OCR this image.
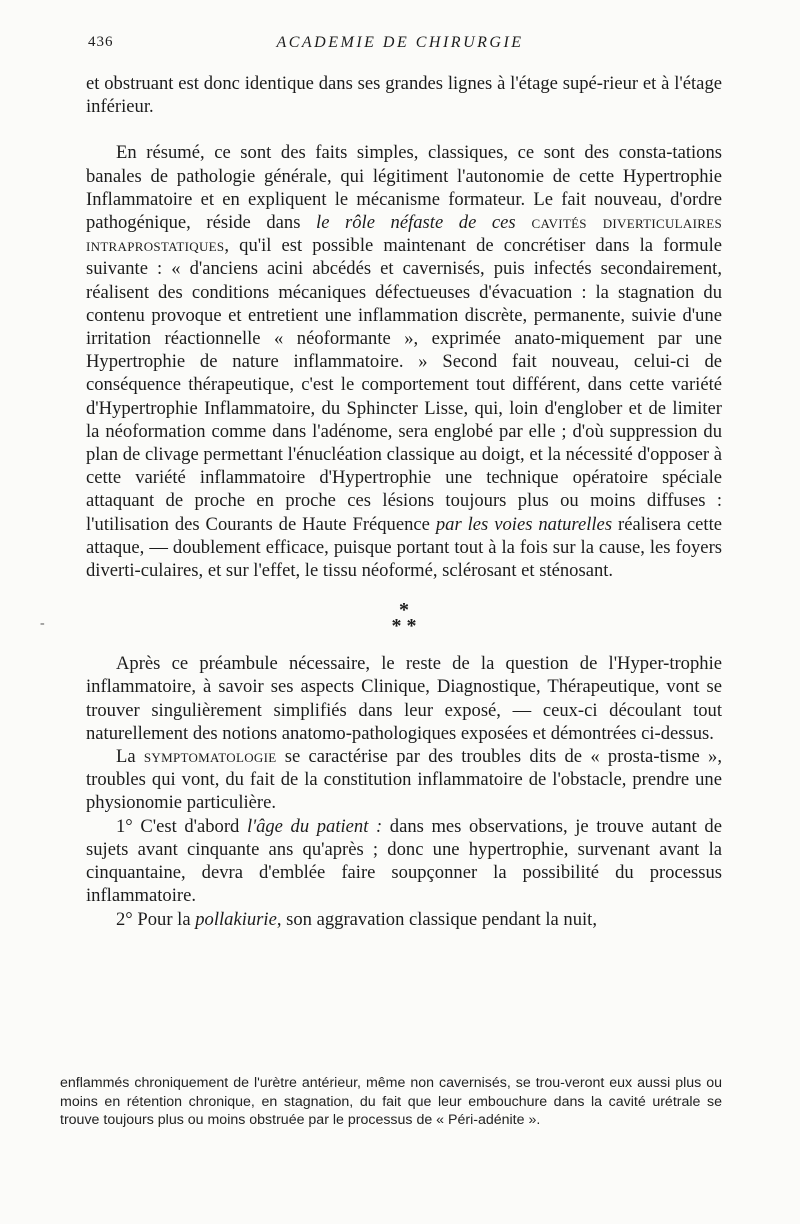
436	ACADEMIE DE CHIRURGIE
-

et obstruant est donc identique dans ses grandes lignes à l'étage supé-rieur et à l'étage inférieur.

En résumé, ce sont des faits simples, classiques, ce sont des consta-tations banales de pathologie générale, qui légitiment l'autonomie de cette Hypertrophie Inflammatoire et en expliquent le mécanisme formateur. Le fait nouveau, d'ordre pathogénique, réside dans le rôle néfaste de ces cavités diverticulaires intraprostatiques, qu'il est possible maintenant de concrétiser dans la formule suivante : « d'anciens acini abcédés et cavernisés, puis infectés secondairement, réalisent des conditions mécaniques défectueuses d'évacuation : la stagnation du contenu provoque et entretient une inflammation discrète, permanente, suivie d'une irritation réactionnelle « néoformante », exprimée anato-miquement par une Hypertrophie de nature inflammatoire. » Second fait nouveau, celui-ci de conséquence thérapeutique, c'est le comportement tout différent, dans cette variété d'Hypertrophie Inflammatoire, du Sphincter Lisse, qui, loin d'englober et de limiter la néoformation comme dans l'adénome, sera englobé par elle ; d'où suppression du plan de clivage permettant l'énucléation classique au doigt, et la nécessité d'opposer à cette variété inflammatoire d'Hypertrophie une technique opératoire spéciale attaquant de proche en proche ces lésions toujours plus ou moins diffuses : l'utilisation des Courants de Haute Fréquence par les voies naturelles réalisera cette attaque, — doublement efficace, puisque portant tout à la fois sur la cause, les foyers diverti-culaires, et sur l'effet, le tissu néoformé, sclérosant et sténosant.

*
* *

Après ce préambule nécessaire, le reste de la question de l'Hyper-trophie inflammatoire, à savoir ses aspects Clinique, Diagnostique, Thérapeutique, vont se trouver singulièrement simplifiés dans leur exposé, — ceux-ci découlant tout naturellement des notions anatomo-pathologiques exposées et démontrées ci-dessus.

La symptomatologie se caractérise par des troubles dits de « prosta-tisme », troubles qui vont, du fait de la constitution inflammatoire de l'obstacle, prendre une physionomie particulière.

1° C'est d'abord l'âge du patient : dans mes observations, je trouve autant de sujets avant cinquante ans qu'après ; donc une hypertrophie, survenant avant la cinquantaine, devra d'emblée faire soupçonner la possibilité du processus inflammatoire.

2° Pour la pollakiurie, son aggravation classique pendant la nuit,

enflammés chroniquement de l'urètre antérieur, même non cavernisés, se trou-veront eux aussi plus ou moins en rétention chronique, en stagnation, du fait que leur embouchure dans la cavité urétrale se trouve toujours plus ou moins obstruée par le processus de « Péri-adénite ».
